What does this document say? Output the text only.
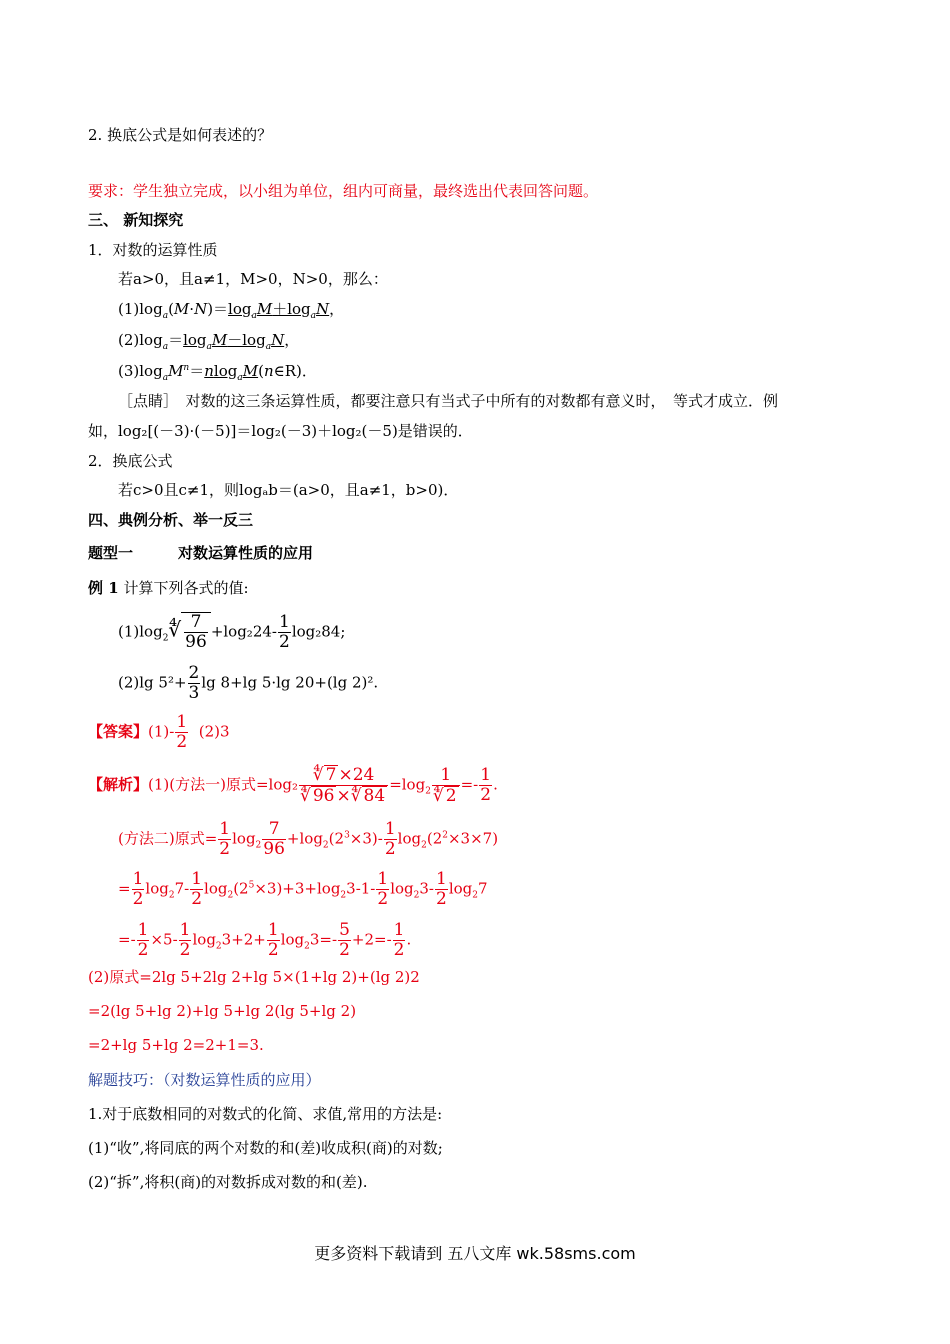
2. 换底公式是如何表述的？
要求：学生独立完成，以小组为单位，组内可商量，最终选出代表回答问题。
三、 新知探究
1．对数的运算性质
若a>0，且a≠1，M>0，N>0，那么：
$(1)\log_a(M\cdot N)=\log_aM+\log_aN$，
$(2)\log_a=\log_aM-\log_aN$，
$(3)\log_aM^n=nlog_aM(n\in R)$．
［点睛］　对数的这三条运算性质，都要注意只有当式子中所有的对数都有意义时，　等式才成立．例
如，log₂[(－3)·(－5)]＝log₂(－3)＋log₂(－5)是错误的．
2．换底公式
若c>0且c≠1，则logₐb＝(a>0，且a≠1，b>0)．
四、典例分析、举一反三
题型一	对数运算性质的应用
例 1 计算下列各式的值:
$(1)\log_2∜ \frac{7}{96} +\log_224- \frac{1}{2} \log_284$;
(2)lg $5^2+ \frac{2}{3}$ lg 8+lg 5·lg 20+(lg 2)².
【答案】$(1)- \frac{1}{2} (2)3$
【解析】(1)(方法一)原式$=\log_2 \frac{∜ 7 \times 24}{∜ 96 \times∜ 84} =\log_2 \frac{1}{∜ 2} =- \frac{1}{2}$ .
(方法二)原式= $\frac{1}{2} \log_2 \frac{7}{96} +\log_2(2^3\times 3)- \frac{1}{2} \log_2(2^2\times 3\times 7)$
= $\frac{1}{2} \log_27- \frac{1}{2} \log_2(2^5\times 3)+3+\log_23-1- \frac{1}{2} \log_23- \frac{1}{2} \log_27$
=- $\frac{1}{2} \times 5- \frac{1}{2} \log_23+2+ \frac{1}{2} \log_23=- \frac{5}{2} +2=- \frac{1}{2}$ .
(2)原式=2lg 5+2lg 2+lg 5×(1+lg 2)+(lg 2)2
=2(lg 5+lg 2)+lg 5+lg 2(lg 5+lg 2)
=2+lg 5+lg 2=2+1=3.
解题技巧：（对数运算性质的应用）
1.对于底数相同的对数式的化简、求值,常用的方法是:
(1)“收”,将同底的两个对数的和(差)收成积(商)的对数;
(2)“拆”,将积(商)的对数拆成对数的和(差).
更多资料下载请到 五八文库 wk.58sms.com
